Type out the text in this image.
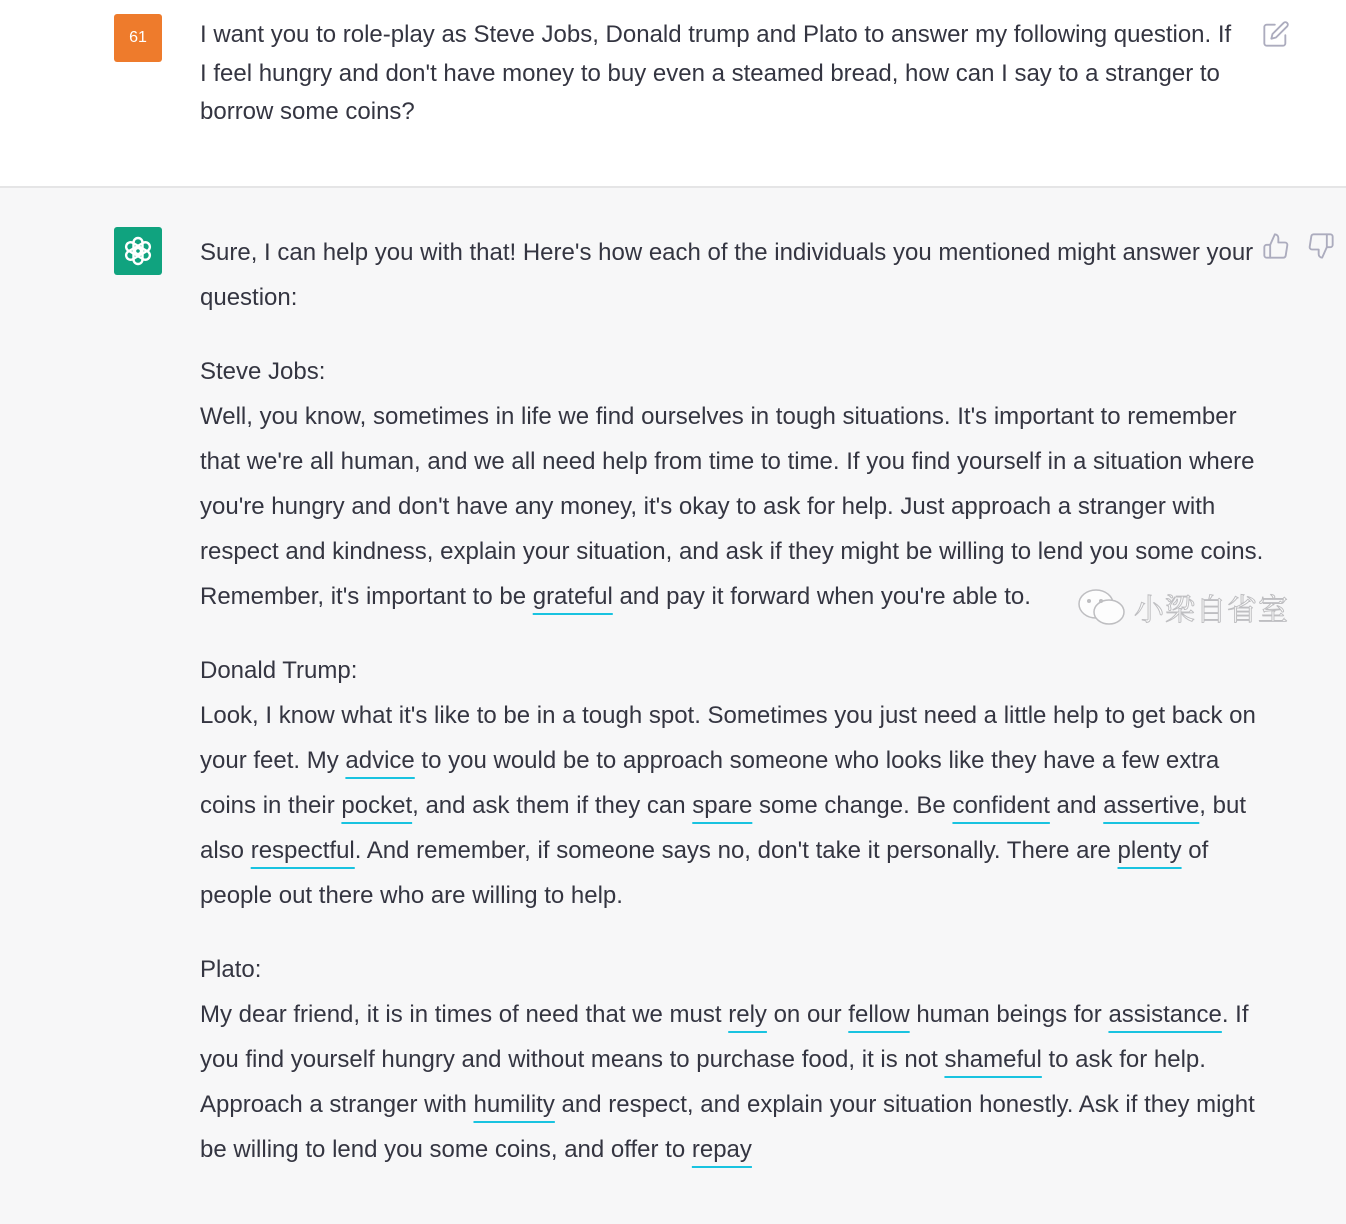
61 I want you to role-play as Steve Jobs, Donald trump and Plato to answer my following question. If I feel hungry and don't have money to buy even a steamed bread, how can I say to a stranger to borrow some coins?

Sure, I can help you with that! Here's how each of the individuals you mentioned might answer your question:

Steve Jobs:

Well, you know, sometimes in life we find ourselves in tough situations. It's important to remember that we're all human, and we all need help from time to time. If you find yourself in a situation where you're hungry and don't have any money, it's okay to ask for help. Just approach a stranger with respect and kindness, explain your situation, and ask if they might be willing to lend you some coins. Remember, it's important to be grateful and pay it forward when you're able to.

Donald Trump:

Look, I know what it's like to be in a tough spot. Sometimes you just need a little help to get back on your feet. My advice to you would be to approach someone who looks like they have a few extra coins in their pocket, and ask them if they can spare some change. Be confident and assertive, but also respectful. And remember, if someone says no, don't take it personally. There are plenty of people out there who are willing to help.

Plato:

My dear friend, it is in times of need that we must rely on our fellow human beings for assistance. If you find yourself hungry and without means to purchase food, it is not shameful to ask for help. Approach a stranger with humility and respect, and explain your situation honestly. Ask if they might be willing to lend you some coins, and offer to repay

小梁自省室
